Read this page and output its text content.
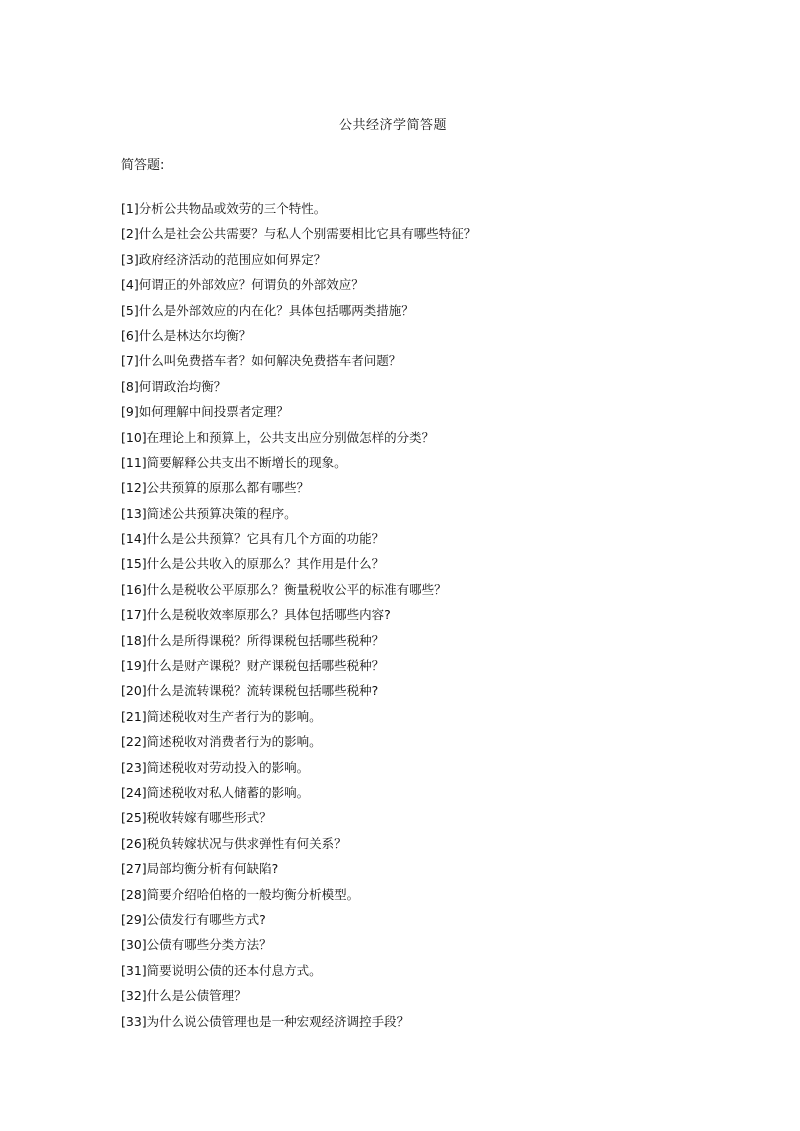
公共经济学简答题
简答题:
[1]分析公共物品或效劳的三个特性。
[2]什么是社会公共需要？与私人个别需要相比它具有哪些特征？
[3]政府经济活动的范围应如何界定？
[4]何谓正的外部效应？何谓负的外部效应？
[5]什么是外部效应的内在化？具体包括哪两类措施？
[6]什么是林达尔均衡？
[7]什么叫免费搭车者？如何解决免费搭车者问题？
[8]何谓政治均衡？
[9]如何理解中间投票者定理？
[10]在理论上和预算上，公共支出应分别做怎样的分类？
[11]简要解释公共支出不断增长的现象。
[12]公共预算的原那么都有哪些？
[13]简述公共预算决策的程序。
[14]什么是公共预算？它具有几个方面的功能？
[15]什么是公共收入的原那么？其作用是什么？
[16]什么是税收公平原那么？衡量税收公平的标准有哪些？
[17]什么是税收效率原那么？具体包括哪些内容?
[18]什么是所得课税？所得课税包括哪些税种？
[19]什么是财产课税？财产课税包括哪些税种？
[20]什么是流转课税？流转课税包括哪些税种?
[21]简述税收对生产者行为的影响。
[22]简述税收对消费者行为的影响。
[23]简述税收对劳动投入的影响。
[24]简述税收对私人储蓄的影响。
[25]税收转嫁有哪些形式？
[26]税负转嫁状况与供求弹性有何关系？
[27]局部均衡分析有何缺陷?
[28]简要介绍哈伯格的一般均衡分析模型。
[29]公债发行有哪些方式?
[30]公债有哪些分类方法？
[31]简要说明公债的还本付息方式。
[32]什么是公债管理？
[33]为什么说公债管理也是一种宏观经济调控手段？
